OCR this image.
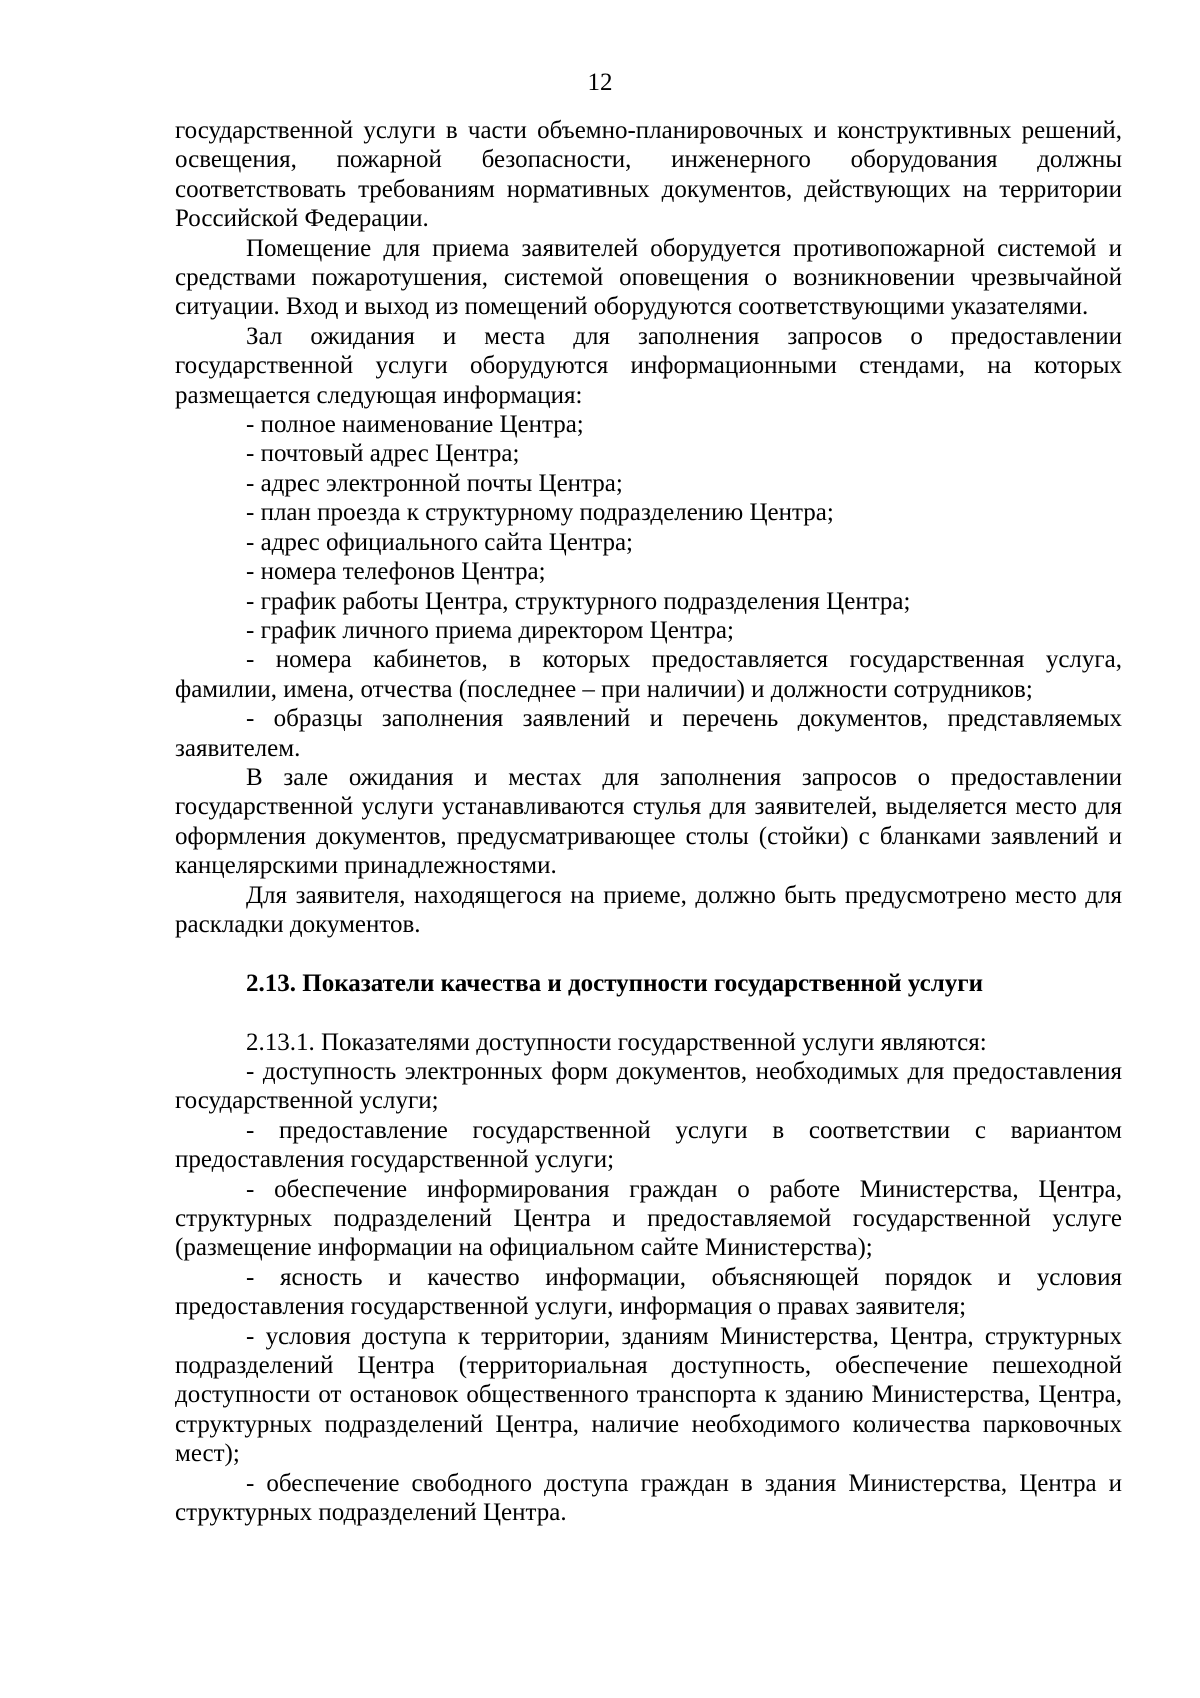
12

государственной услуги в части объемно-планировочных и конструктивных решений, освещения, пожарной безопасности, инженерного оборудования должны соответствовать требованиям нормативных документов, действующих на территории Российской Федерации.

Помещение для приема заявителей оборудуется противопожарной системой и средствами пожаротушения, системой оповещения о возникновении чрезвычайной ситуации. Вход и выход из помещений оборудуются соответствующими указателями.

Зал ожидания и места для заполнения запросов о предоставлении государственной услуги оборудуются информационными стендами, на которых размещается следующая информация:

- полное наименование Центра;

- почтовый адрес Центра;

- адрес электронной почты Центра;

- план проезда к структурному подразделению Центра;

- адрес официального сайта Центра;

- номера телефонов Центра;

- график работы Центра, структурного подразделения Центра;

- график личного приема директором Центра;

- номера кабинетов, в которых предоставляется государственная услуга, фамилии, имена, отчества (последнее – при наличии) и должности сотрудников;

- образцы заполнения заявлений и перечень документов, представляемых заявителем.

В зале ожидания и местах для заполнения запросов о предоставлении государственной услуги устанавливаются стулья для заявителей, выделяется место для оформления документов, предусматривающее столы (стойки) с бланками заявлений и канцелярскими принадлежностями.

Для заявителя, находящегося на приеме, должно быть предусмотрено место для раскладки документов.

2.13. Показатели качества и доступности государственной услуги

2.13.1. Показателями доступности государственной услуги являются:

- доступность электронных форм документов, необходимых для предоставления государственной услуги;

- предоставление государственной услуги в соответствии с вариантом предоставления государственной услуги;

- обеспечение информирования граждан о работе Министерства, Центра, структурных подразделений Центра и предоставляемой государственной услуге (размещение информации на официальном сайте Министерства);

- ясность и качество информации, объясняющей порядок и условия предоставления государственной услуги, информация о правах заявителя;

- условия доступа к территории, зданиям Министерства, Центра, структурных подразделений Центра (территориальная доступность, обеспечение пешеходной доступности от остановок общественного транспорта к зданию Министерства, Центра, структурных подразделений Центра, наличие необходимого количества парковочных мест);

- обеспечение свободного доступа граждан в здания Министерства, Центра и структурных подразделений Центра.
